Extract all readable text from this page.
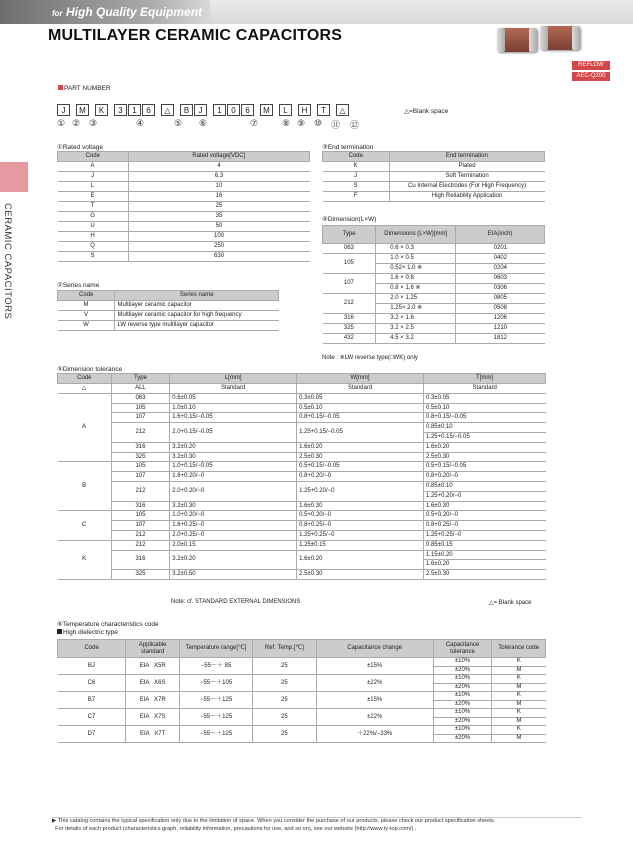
for High Quality Equipment
MULTILAYER CERAMIC CAPACITORS
REFLOW
AEC-Q200
CERAMIC CAPACITORS
PART NUMBER
J	M	K	3	1	6	△	B	J	1	0	6	M	L	H	T	△
① ② ③	④	⑤ ⑥	⑦	⑧ ⑨ ⑩ ⑪ ⑫
△=Blank space
①Rated voltage
Code	Rated voltage[VDC]
A	4
J	6.3
L	10
E	16
T	25
G	35
U	50
H	100
Q	250
S	630
②Series name
Code	Series name
M	Multilayer ceramic capacitor
V	Multilayer ceramic capacitor for high frequency
W	LW reverse type multilayer capacitor
③End termination
Code	End termination
K	Plated
J	Soft Termination
S	Cu Internal Electrodes (For High Frequency)
F	High Reliability Application
④Dimension(L×W)
Type	Dimensions (L×W)[mm]	EIA(inch)
063	0.6 × 0.3	0201
105	1.0 × 0.5	0402
	0.52× 1.0 ※	0204
107	1.6 × 0.8	0603
	0.8 × 1.6 ※	0306
212	2.0 × 1.25	0805
	1.25× 2.0 ※	0508
316	3.2 × 1.6	1206
325	3.2 × 2.5	1210
432	4.5 × 3.2	1812
Note : ※LW reverse type(□WK) only
⑤Dimension tolerance
Code	Type	L[mm]	W[mm]	T[mm]
△	ALL	Standard	Standard	Standard
A	063	0.6±0.05	0.3±0.05	0.3±0.05
	105	1.0±0.10	0.5±0.10	0.5±0.10
	107	1.6+0.15/−0.05	0.8+0.15/−0.05	0.8+0.15/−0.05
	212	2.0+0.15/−0.05	1.25+0.15/−0.05	0.85±0.10
				1.25+0.15/−0.05
	316	3.2±0.20	1.6±0.20	1.6±0.20
	325	3.2±0.30	2.5±0.30	2.5±0.30
B	105	1.0+0.15/−0.05	0.5+0.15/−0.05	0.5+0.15/−0.05
	107	1.6+0.20/−0	0.8+0.20/−0	0.8+0.20/−0
	212	2.0+0.20/−0	1.25+0.20/−0	0.85±0.10
				1.25+0.20/−0
	316	3.2±0.30	1.6±0.30	1.6±0.30
C	105	1.0+0.20/−0	0.5+0.20/−0	0.5+0.20/−0
	107	1.6+0.25/−0	0.8+0.25/−0	0.8+0.25/−0
	212	2.0+0.25/−0	1.25+0.25/−0	1.25+0.25/−0
K	212	2.0±0.15	1.25±0.15	0.85±0.15
	316	3.2±0.20	1.6±0.20	1.15±0.20
				1.6±0.20
	325	3.2±0.50	2.5±0.30	2.5±0.30
Note: cf. STANDARD EXTERNAL DIMENSIONS	△= Blank space
⑥Temperature characteristics code
High dielectric type
Code	Applicable standard	Temperature range[℃]	Ref. Temp.[℃]	Capacitance change	Capacitance tolerance	Tolerance code
BJ	EIA   X5R	−55〜＋ 85	25	±15%	±10%	K
					±20%	M
C6	EIA   X6S	−55〜＋105	25	±22%	±10%	K
					±20%	M
B7	EIA   X7R	−55〜＋125	25	±15%	±10%	K
					±20%	M
C7	EIA   X7S	−55〜＋125	25	±22%	±10%	K
					±20%	M
D7	EIA   X7T	−55〜＋125	25	＋22%/−33%	±10%	K
					±20%	M
▶ This catalog contains the typical specification only due to the limitation of space. When you consider the purchase of our products, please check our product specification sheets.
For details of each product (characteristics graph, reliability information, precautions for use, and so on), see our website (http://www.ty-top.com/) .
